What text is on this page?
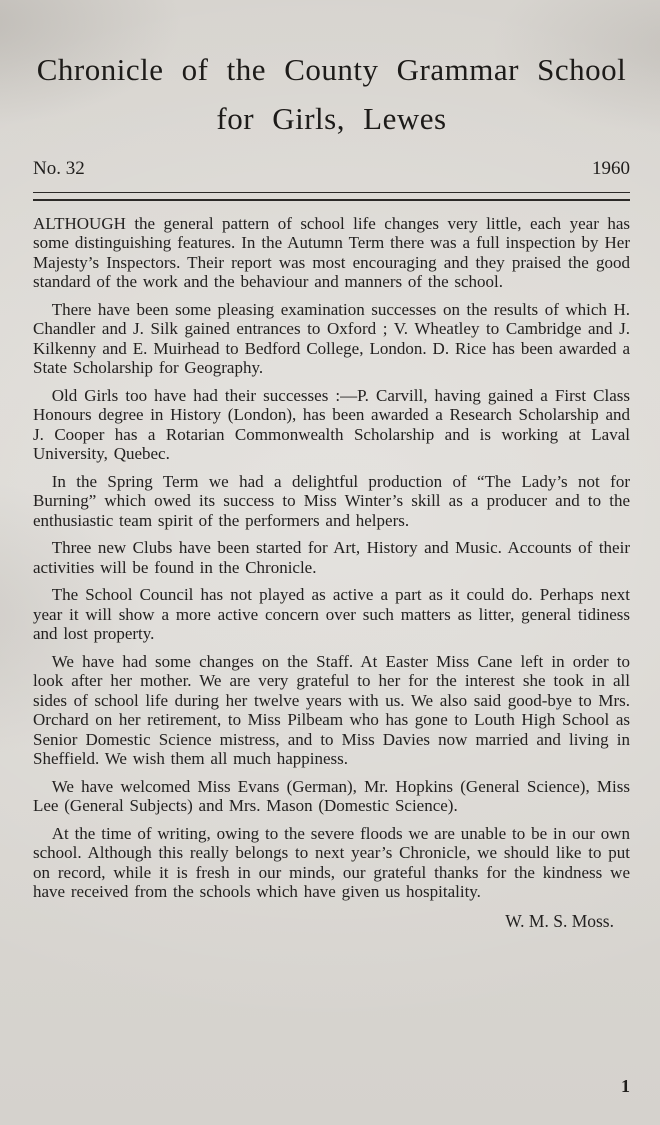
Chronicle of the County Grammar School
for Girls, Lewes
No. 32	1960

ALTHOUGH the general pattern of school life changes very little, each year has some distinguishing features. In the Autumn Term there was a full inspection by Her Majesty’s Inspectors. Their report was most encouraging and they praised the good standard of the work and the behaviour and manners of the school.

There have been some pleasing examination successes on the results of which H. Chandler and J. Silk gained entrances to Oxford ; V. Wheatley to Cambridge and J. Kilkenny and E. Muirhead to Bedford College, London. D. Rice has been awarded a State Scholarship for Geography.

Old Girls too have had their successes :—P. Carvill, having gained a First Class Honours degree in History (London), has been awarded a Research Scholarship and J. Cooper has a Rotarian Commonwealth Scholarship and is working at Laval University, Quebec.

In the Spring Term we had a delightful production of “The Lady’s not for Burning” which owed its success to Miss Winter’s skill as a producer and to the enthusiastic team spirit of the performers and helpers.

Three new Clubs have been started for Art, History and Music. Accounts of their activities will be found in the Chronicle.

The School Council has not played as active a part as it could do. Perhaps next year it will show a more active concern over such matters as litter, general tidiness and lost property.

We have had some changes on the Staff. At Easter Miss Cane left in order to look after her mother. We are very grateful to her for the interest she took in all sides of school life during her twelve years with us. We also said good-bye to Mrs. Orchard on her retirement, to Miss Pilbeam who has gone to Louth High School as Senior Domestic Science mistress, and to Miss Davies now married and living in Sheffield. We wish them all much happiness.

We have welcomed Miss Evans (German), Mr. Hopkins (General Science), Miss Lee (General Subjects) and Mrs. Mason (Domestic Science).

At the time of writing, owing to the severe floods we are unable to be in our own school. Although this really belongs to next year’s Chronicle, we should like to put on record, while it is fresh in our minds, our grateful thanks for the kindness we have received from the schools which have given us hospitality.

W. M. S. Moss.
1
